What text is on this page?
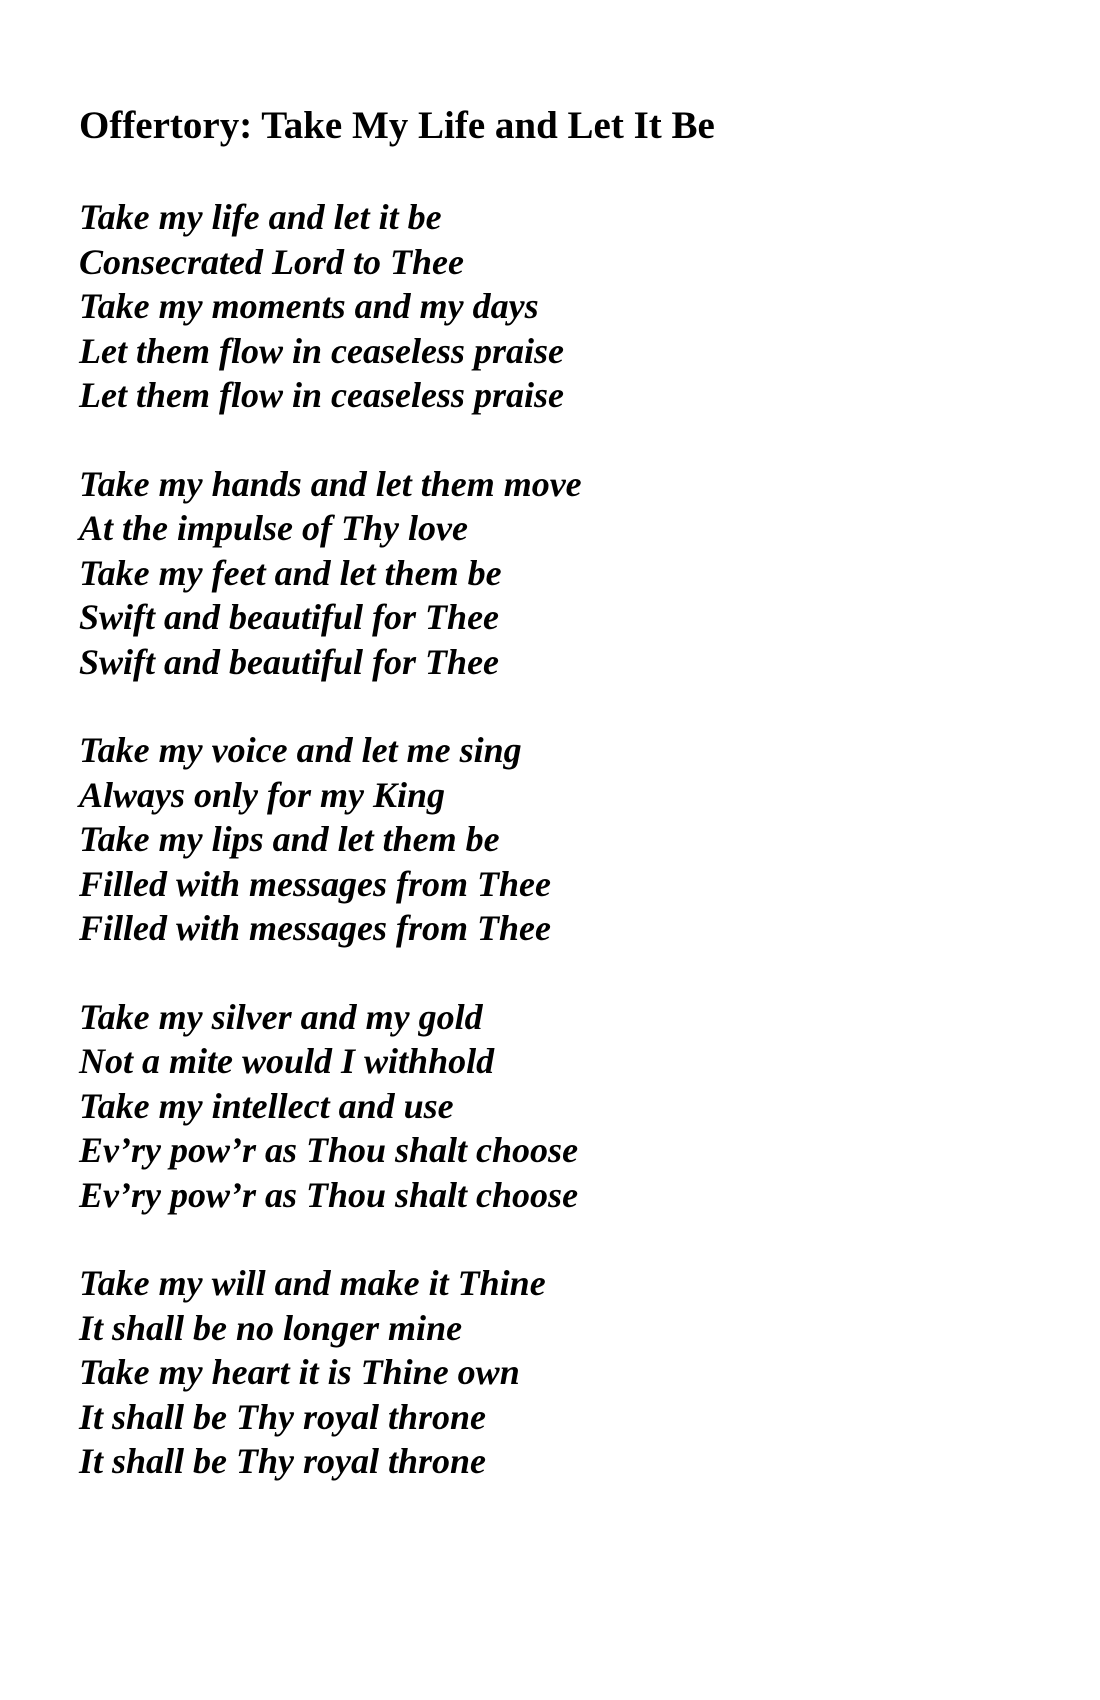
Offertory: Take My Life and Let It Be
Take my life and let it be
Consecrated Lord to Thee
Take my moments and my days
Let them flow in ceaseless praise
Let them flow in ceaseless praise
Take my hands and let them move
At the impulse of Thy love
Take my feet and let them be
Swift and beautiful for Thee
Swift and beautiful for Thee
Take my voice and let me sing
Always only for my King
Take my lips and let them be
Filled with messages from Thee
Filled with messages from Thee
Take my silver and my gold
Not a mite would I withhold
Take my intellect and use
Ev’ry pow’r as Thou shalt choose
Ev’ry pow’r as Thou shalt choose
Take my will and make it Thine
It shall be no longer mine
Take my heart it is Thine own
It shall be Thy royal throne
It shall be Thy royal throne
